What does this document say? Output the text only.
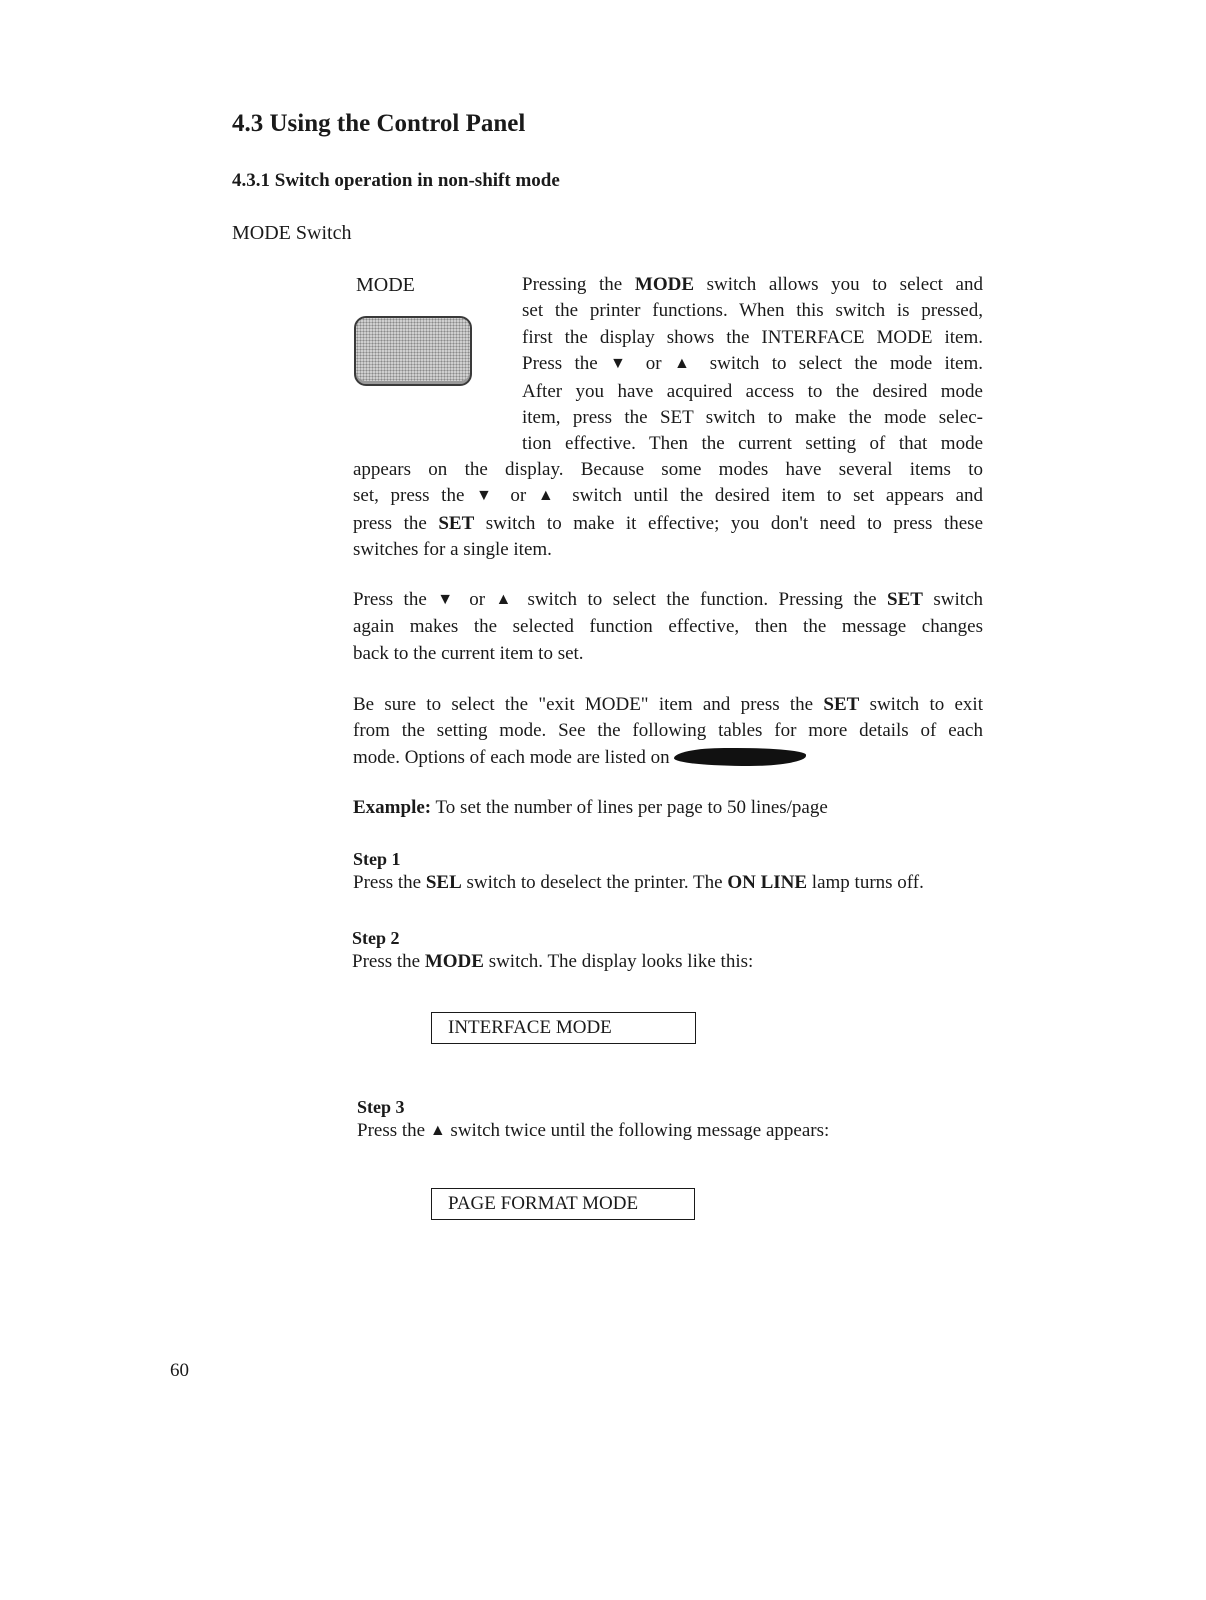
4.3 Using the Control Panel
4.3.1 Switch operation in non-shift mode
MODE Switch
MODE	Pressing the MODE switch allows you to select and

set the printer functions. When this switch is pressed,

first the display shows the INTERFACE MODE item.

Press the ▼ or ▲ switch to select the mode item.

After you have acquired access to the desired mode

item, press the SET switch to make the mode selec-

tion effective. Then the current setting of that mode

appears on the display. Because some modes have several items to

set, press the ▼ or ▲ switch until the desired item to set appears and

press the SET switch to make it effective; you don't need to press these

switches for a single item.

Press the ▼ or ▲ switch to select the function. Pressing the SET switch

again makes the selected function effective, then the message changes

back to the current item to set.

Be sure to select the "exit MODE" item and press the SET switch to exit

from the setting mode. See the following tables for more details of each

mode. Options of each mode are listed on

Example: To set the number of lines per page to 50 lines/page
Step 1
Press the SEL switch to deselect the printer. The ON LINE lamp turns off.
Step 2
Press the MODE switch. The display looks like this:
INTERFACE MODE
Step 3
Press the ▲ switch twice until the following message appears:
PAGE FORMAT MODE
60
